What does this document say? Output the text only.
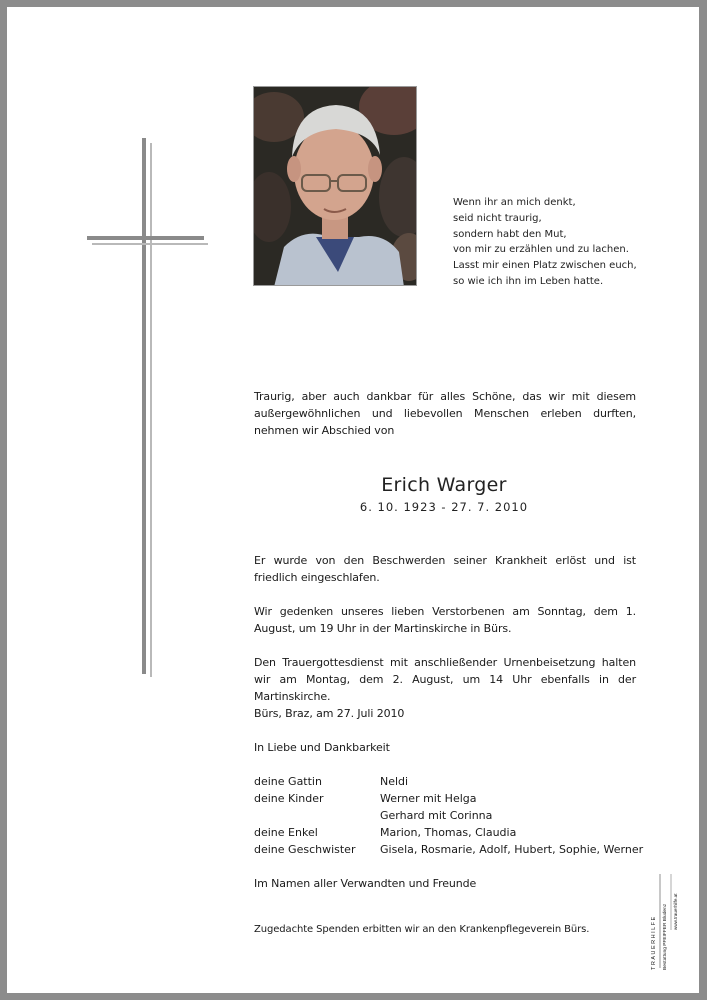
Wenn ihr an mich denkt,
seid nicht traurig,
sondern habt den Mut,
von mir zu erzählen und zu lachen.
Lasst mir einen Platz zwischen euch,
so wie ich ihn im Leben hatte.
Traurig, aber auch dankbar für alles Schöne, das wir mit diesem außergewöhnlichen und liebevollen Menschen erleben durften, nehmen wir Abschied von
Erich Warger
6. 10. 1923 - 27. 7. 2010
Er wurde von den Beschwerden seiner Krankheit erlöst und ist friedlich eingeschlafen.
Wir gedenken unseres lieben Verstorbenen am Sonntag, dem 1. August, um 19 Uhr in der Martinskirche in Bürs.
Den Trauergottesdienst mit anschließender Urnenbeisetzung halten wir am Montag, dem 2. August, um 14 Uhr ebenfalls in der Martinskirche.
Bürs, Braz, am 27. Juli 2010
In Liebe und Dankbarkeit
deine Gattin	Neldi
deine Kinder	Werner mit Helga
Gerhard mit Corinna
deine Enkel	Marion, Thomas, Claudia
deine Geschwister Gisela, Rosmarie, Adolf, Hubert, Sophie, Werner
Im Namen aller Verwandten und Freunde
Zugedachte Spenden erbitten wir an den Krankenpflegeverein Bürs.	TRAUERHILFE Bestattung PFEIFFER Bludenz www.trauerhilfe.at
